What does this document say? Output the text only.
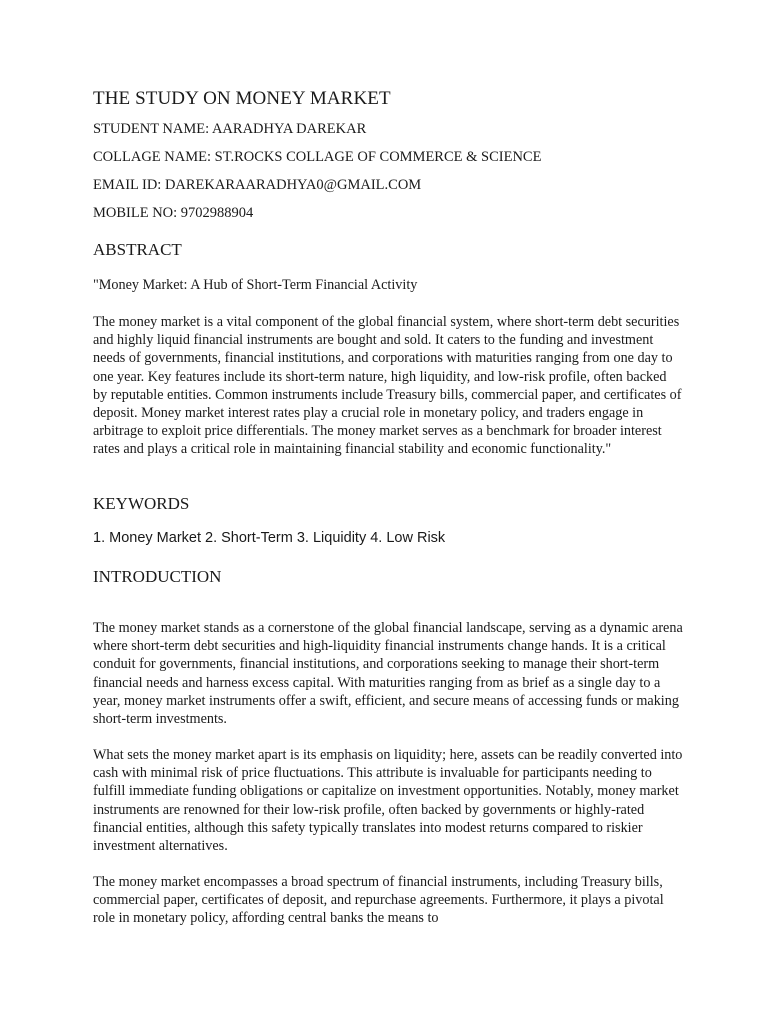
THE STUDY ON MONEY MARKET

STUDENT NAME: AARADHYA DAREKAR

COLLAGE NAME: ST.ROCKS COLLAGE OF COMMERCE & SCIENCE

EMAIL ID: DAREKARAARADHYA0@GMAIL.COM

MOBILE NO: 9702988904

ABSTRACT

"Money Market: A Hub of Short-Term Financial Activity

The money market is a vital component of the global financial system, where short-term debt securities and highly liquid financial instruments are bought and sold. It caters to the funding and investment needs of governments, financial institutions, and corporations with maturities ranging from one day to one year. Key features include its short-term nature, high liquidity, and low-risk profile, often backed by reputable entities. Common instruments include Treasury bills, commercial paper, and certificates of deposit. Money market interest rates play a crucial role in monetary policy, and traders engage in arbitrage to exploit price differentials. The money market serves as a benchmark for broader interest rates and plays a critical role in maintaining financial stability and economic functionality."

KEYWORDS

1. Money Market 2. Short-Term 3. Liquidity 4. Low Risk

INTRODUCTION

The money market stands as a cornerstone of the global financial landscape, serving as a dynamic arena where short-term debt securities and high-liquidity financial instruments change hands. It is a critical conduit for governments, financial institutions, and corporations seeking to manage their short-term financial needs and harness excess capital. With maturities ranging from as brief as a single day to a year, money market instruments offer a swift, efficient, and secure means of accessing funds or making short-term investments.

What sets the money market apart is its emphasis on liquidity; here, assets can be readily converted into cash with minimal risk of price fluctuations. This attribute is invaluable for participants needing to fulfill immediate funding obligations or capitalize on investment opportunities. Notably, money market instruments are renowned for their low-risk profile, often backed by governments or highly-rated financial entities, although this safety typically translates into modest returns compared to riskier investment alternatives.

The money market encompasses a broad spectrum of financial instruments, including Treasury bills, commercial paper, certificates of deposit, and repurchase agreements. Furthermore, it plays a pivotal role in monetary policy, affording central banks the means to
